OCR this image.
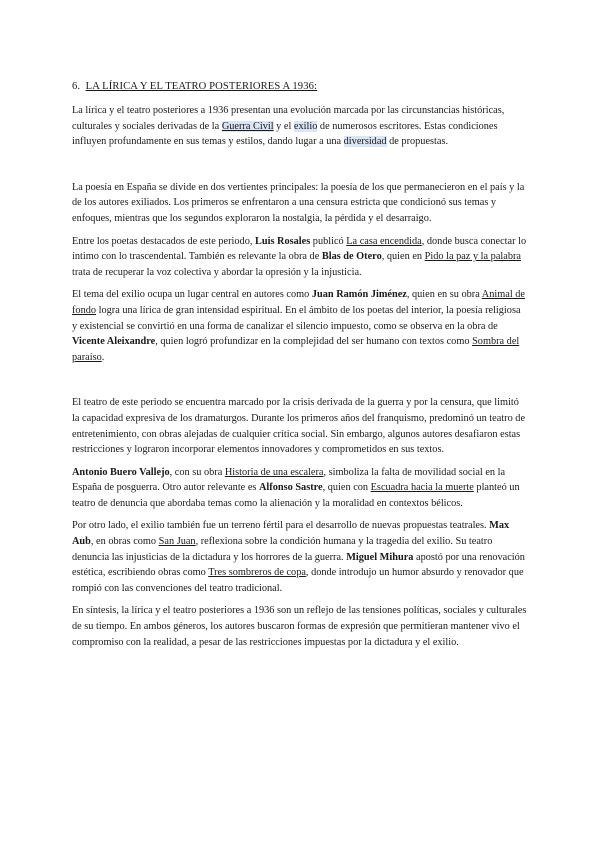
6. LA LÍRICA Y EL TEATRO POSTERIORES A 1936:

La lírica y el teatro posteriores a 1936 presentan una evolución marcada por las circunstancias históricas, culturales y sociales derivadas de la Guerra Civil y el exilio de numerosos escritores. Estas condiciones influyen profundamente en sus temas y estilos, dando lugar a una diversidad de propuestas.

La poesía en España se divide en dos vertientes principales: la poesía de los que permanecieron en el país y la de los autores exiliados. Los primeros se enfrentaron a una censura estricta que condicionó sus temas y enfoques, mientras que los segundos exploraron la nostalgia, la pérdida y el desarraigo.

Entre los poetas destacados de este periodo, Luis Rosales publicó La casa encendida, donde busca conectar lo íntimo con lo trascendental. También es relevante la obra de Blas de Otero, quien en Pido la paz y la palabra trata de recuperar la voz colectiva y abordar la opresión y la injusticia.

El tema del exilio ocupa un lugar central en autores como Juan Ramón Jiménez, quien en su obra Animal de fondo logra una lírica de gran intensidad espiritual. En el ámbito de los poetas del interior, la poesía religiosa y existencial se convirtió en una forma de canalizar el silencio impuesto, como se observa en la obra de Vicente Aleixandre, quien logró profundizar en la complejidad del ser humano con textos como Sombra del paraíso.

El teatro de este periodo se encuentra marcado por la crisis derivada de la guerra y por la censura, que limitó la capacidad expresiva de los dramaturgos. Durante los primeros años del franquismo, predominó un teatro de entretenimiento, con obras alejadas de cualquier crítica social. Sin embargo, algunos autores desafiaron estas restricciones y lograron incorporar elementos innovadores y comprometidos en sus textos.

Antonio Buero Vallejo, con su obra Historia de una escalera, simboliza la falta de movilidad social en la España de posguerra. Otro autor relevante es Alfonso Sastre, quien con Escuadra hacia la muerte planteó un teatro de denuncia que abordaba temas como la alienación y la moralidad en contextos bélicos.

Por otro lado, el exilio también fue un terreno fértil para el desarrollo de nuevas propuestas teatrales. Max Aub, en obras como San Juan, reflexiona sobre la condición humana y la tragedia del exilio. Su teatro denuncia las injusticias de la dictadura y los horrores de la guerra. Miguel Mihura apostó por una renovación estética, escribiendo obras como Tres sombreros de copa, donde introdujo un humor absurdo y renovador que rompió con las convenciones del teatro tradicional.

En síntesis, la lírica y el teatro posteriores a 1936 son un reflejo de las tensiones políticas, sociales y culturales de su tiempo. En ambos géneros, los autores buscaron formas de expresión que permitieran mantener vivo el compromiso con la realidad, a pesar de las restricciones impuestas por la dictadura y el exilio.
